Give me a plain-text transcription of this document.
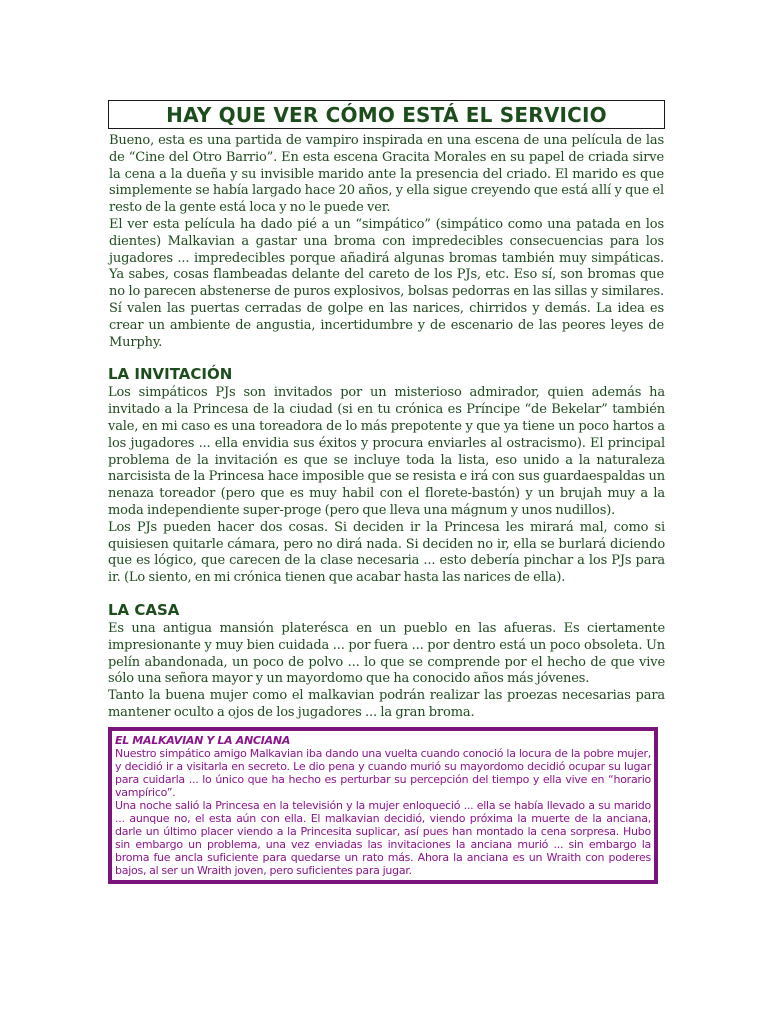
HAY QUE VER CÓMO ESTÁ EL SERVICIO

Bueno, esta es una partida de vampiro inspirada en una escena de una película de las de “Cine del Otro Barrio”. En esta escena Gracita Morales en su papel de criada sirve la cena a la dueña y su invisible marido ante la presencia del criado. El marido es que simplemente se había largado hace 20 años, y ella sigue creyendo que está allí y que el resto de la gente está loca y no le puede ver.

El ver esta película ha dado pié a un “simpático” (simpático como una patada en los dientes) Malkavian a gastar una broma con impredecibles consecuencias para los jugadores ... impredecibles porque añadirá algunas bromas también muy simpáticas. Ya sabes, cosas flambeadas delante del careto de los PJs, etc. Eso sí, son bromas que no lo parecen abstenerse de puros explosivos, bolsas pedorras en las sillas y similares. Sí valen las puertas cerradas de golpe en las narices, chirridos y demás. La idea es crear un ambiente de angustia, incertidumbre y de escenario de las peores leyes de Murphy.

LA INVITACIÓN

Los simpáticos PJs son invitados por un misterioso admirador, quien además ha invitado a la Princesa de la ciudad (si en tu crónica es Príncipe “de Bekelar” también vale, en mi caso es una toreadora de lo más prepotente y que ya tiene un poco hartos a los jugadores ... ella envidia sus éxitos y procura enviarles al ostracismo). El principal problema de la invitación es que se incluye toda la lista, eso unido a la naturaleza narcisista de la Princesa hace imposible que se resista e irá con sus guardaespaldas un nenaza toreador (pero que es muy habil con el florete-bastón) y un brujah muy a la moda independiente super-proge (pero que lleva una mágnum y unos nudillos).

Los PJs pueden hacer dos cosas. Si deciden ir la Princesa les mirará mal, como si quisiesen quitarle cámara, pero no dirá nada. Si deciden no ir, ella se burlará diciendo que es lógico, que carecen de la clase necesaria ... esto debería pinchar a los PJs para ir. (Lo siento, en mi crónica tienen que acabar hasta las narices de ella).

LA CASA

Es una antigua mansión platerésca en un pueblo en las afueras. Es ciertamente impresionante y muy bien cuidada ... por fuera ... por dentro está un poco obsoleta. Un pelín abandonada, un poco de polvo ... lo que se comprende por el hecho de que vive sólo una señora mayor y un mayordomo que ha conocido años más jóvenes.

Tanto la buena mujer como el malkavian podrán realizar las proezas necesarias para mantener oculto a ojos de los jugadores ... la gran broma.

EL MALKAVIAN Y LA ANCIANA

Nuestro simpático amigo Malkavian iba dando una vuelta cuando conoció la locura de la pobre mujer, y decidió ir a visitarla en secreto. Le dio pena y cuando murió su mayordomo decidió ocupar su lugar para cuidarla ... lo único que ha hecho es perturbar su percepción del tiempo y ella vive en “horario vampírico”.

Una noche salió la Princesa en la televisión y la mujer enloqueció ... ella se había llevado a su marido ... aunque no, el esta aún con ella. El malkavian decidió, viendo próxima la muerte de la anciana, darle un último placer viendo a la Princesita suplicar, así pues han montado la cena sorpresa. Hubo sin embargo un problema, una vez enviadas las invitaciones la anciana murió ... sin embargo la broma fue ancla suficiente para quedarse un rato más. Ahora la anciana es un Wraith con poderes bajos, al ser un Wraith joven, pero suficientes para jugar.
